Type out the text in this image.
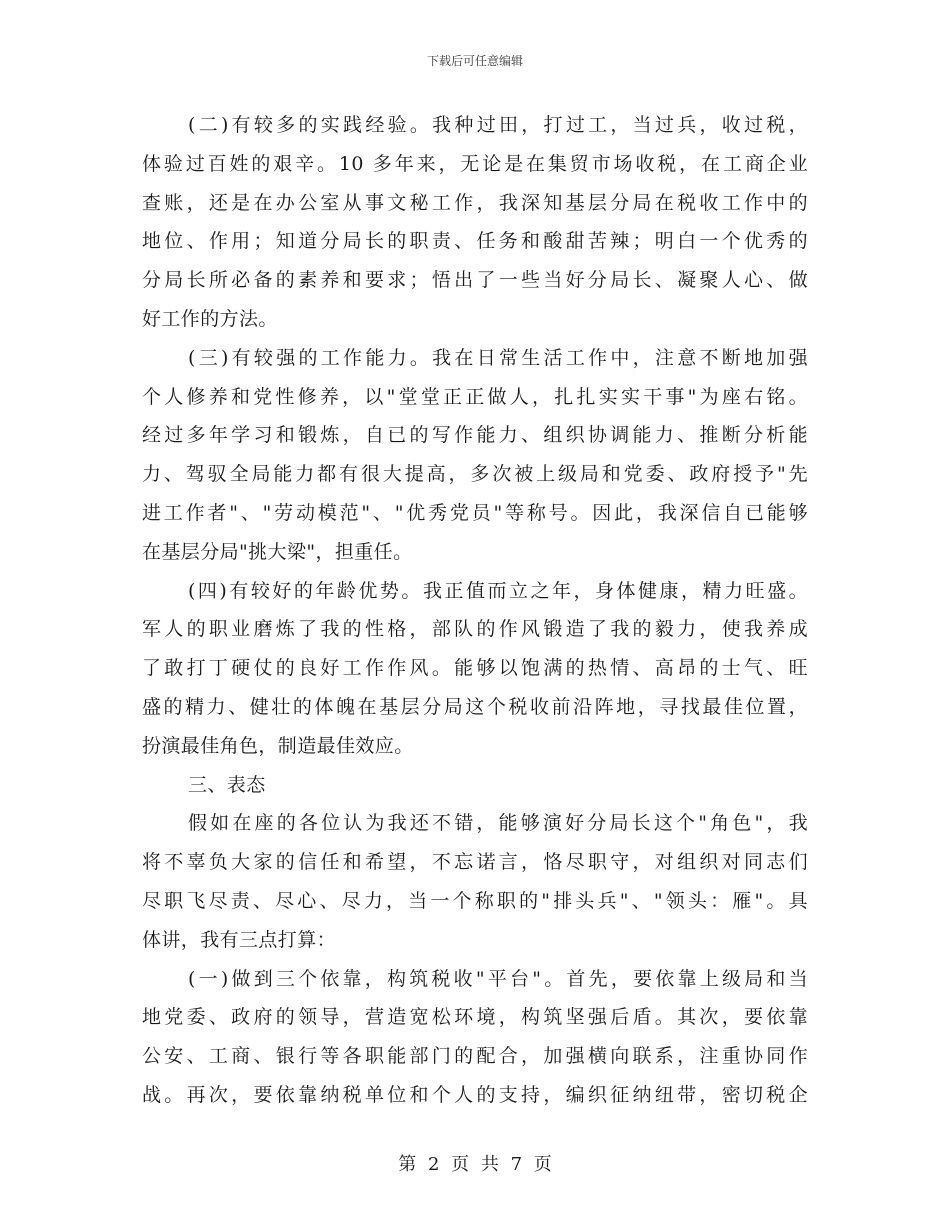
下载后可任意编辑
(二)有较多的实践经验。我种过田，打过工，当过兵，收过税，
体验过百姓的艰辛。10 多年来，无论是在集贸市场收税，在工商企业
查账，还是在办公室从事文秘工作，我深知基层分局在税收工作中的
地位、作用；知道分局长的职责、任务和酸甜苦辣；明白一个优秀的
分局长所必备的素养和要求；悟出了一些当好分局长、凝聚人心、做
好工作的方法。
(三)有较强的工作能力。我在日常生活工作中，注意不断地加强
个人修养和党性修养，以"堂堂正正做人，扎扎实实干事"为座右铭。
经过多年学习和锻炼，自已的写作能力、组织协调能力、推断分析能
力、驾驭全局能力都有很大提高，多次被上级局和党委、政府授予"先
进工作者"、"劳动模范"、"优秀党员"等称号。因此，我深信自已能够
在基层分局"挑大梁"，担重任。
(四)有较好的年龄优势。我正值而立之年，身体健康，精力旺盛。
军人的职业磨炼了我的性格，部队的作风锻造了我的毅力，使我养成
了敢打丁硬仗的良好工作作风。能够以饱满的热情、高昂的士气、旺
盛的精力、健壮的体魄在基层分局这个税收前沿阵地，寻找最佳位置，
扮演最佳角色，制造最佳效应。
三、表态
假如在座的各位认为我还不错，能够演好分局长这个"角色"，我
将不辜负大家的信任和希望，不忘诺言，恪尽职守，对组织对同志们
尽职飞尽责、尽心、尽力，当一个称职的"排头兵"、"领头：雁"。具
体讲，我有三点打算：
(一)做到三个依靠，构筑税收"平台"。首先，要依靠上级局和当
地党委、政府的领导，营造宽松环境，构筑坚强后盾。其次，要依靠
公安、工商、银行等各职能部门的配合，加强横向联系，注重协同作
战。再次，要依靠纳税单位和个人的支持，编织征纳纽带，密切税企
第 2 页 共 7 页
